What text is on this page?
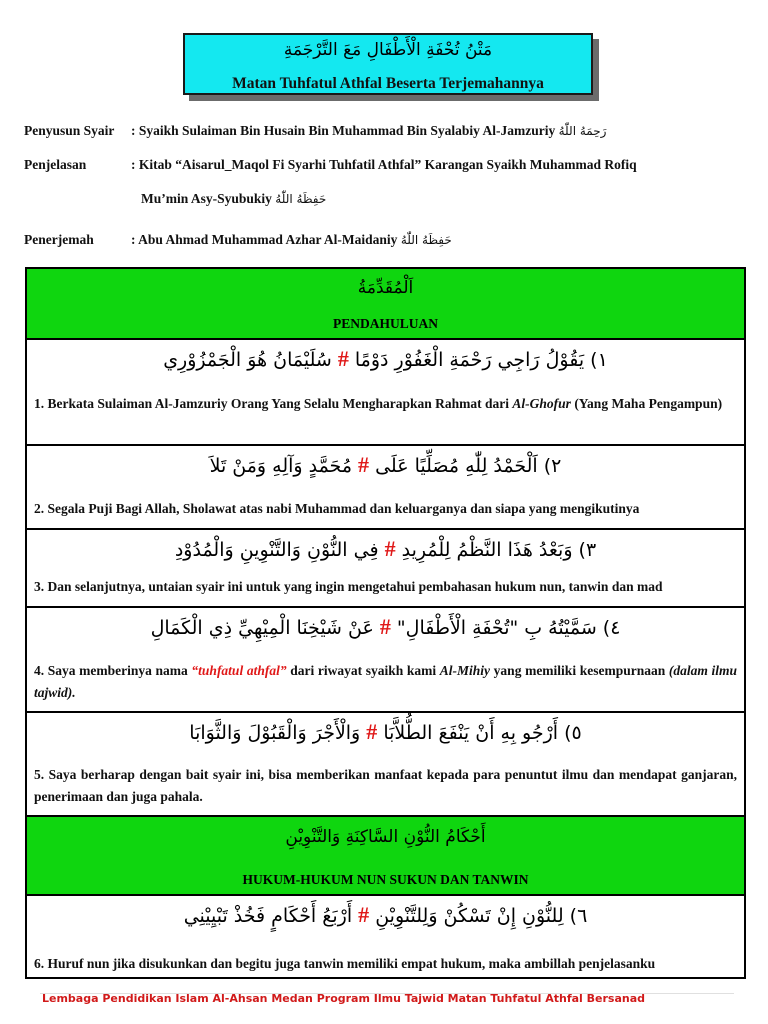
مَتْنُ تُحْفَةِ الْأَطْفَالِ مَعَ التَّرْجَمَةِ
Matan Tuhfatul Athfal Beserta Terjemahannya
Penyusun Syair : Syaikh Sulaiman Bin Husain Bin Muhammad Bin Syalabiy Al-Jamzuriy رَحِمَهُ اللّٰهُ
Penjelasan	: Kitab “Aisarul_Maqol Fi Syarhi Tuhfatil Athfal” Karangan Syaikh Muhammad Rofiq
Mu’min Asy-Syubukiy حَفِظَهُ اللّٰهُ
Penerjemah	: Abu Ahmad Muhammad Azhar Al-Maidaniy حَفِظَهُ اللّٰهُ
اَلْمُقَدِّمَةُ
PENDAHULUAN
١) يَقُوْلُ رَاجِي رَحْمَةِ الْغَفُوْرِ دَوْمًا # سُلَيْمَانُ هُوَ الْجَمْزُوْرِي
1. Berkata Sulaiman Al-Jamzuriy Orang Yang Selalu Mengharapkan Rahmat dari Al-Ghofur (Yang Maha Pengampun)
٢) اَلْحَمْدُ لِلّٰهِ مُصَلِّيًا عَلَى # مُحَمَّدٍ وَآلِهِ وَمَنْ تَلاَ
2. Segala Puji Bagi Allah, Sholawat atas nabi Muhammad dan keluarganya dan siapa yang mengikutinya
٣) وَبَعْدُ هَذَا النَّظْمُ لِلْمُرِيدِ # فِي النُّوْنِ وَالتَّنْوِينِ وَالْمُدُوْدِ
3. Dan selanjutnya, untaian syair ini untuk yang ingin mengetahui pembahasan hukum nun, tanwin dan mad
٤) سَمَّيْتُهُ بِ "تُحْفَةِ الْأَطْفَالِ" # عَنْ شَيْخِنَا الْمِيْهِيِّ ذِي الْكَمَالِ
4. Saya memberinya nama “tuhfatul athfal” dari riwayat syaikh kami Al-Mihiy yang memiliki kesempurnaan (dalam ilmu tajwid).
٥) أَرْجُو بِهِ أَنْ يَنْفَعَ الطُّلاَّبَا # وَالْأَجْرَ وَالْقَبُوْلَ وَالثَّوَابَا
5. Saya berharap dengan bait syair ini, bisa memberikan manfaat kepada para penuntut ilmu dan mendapat ganjaran, penerimaan dan juga pahala.
أَحْكَامُ النُّوْنِ السَّاكِنَةِ وَالتَّنْوِيْنِ
HUKUM-HUKUM NUN SUKUN DAN TANWIN
٦) لِلنُّوْنِ إِنْ تَسْكُنْ وَلِلتَّنْوِيْنِ # أَرْبَعُ أَحْكَامٍ فَخُذْ تَبْيِيْنِي
6. Huruf nun jika disukunkan dan begitu juga tanwin memiliki empat hukum, maka ambillah penjelasanku
Lembaga Pendidikan Islam Al-Ahsan Medan Program Ilmu Tajwid Matan Tuhfatul Athfal Bersanad
